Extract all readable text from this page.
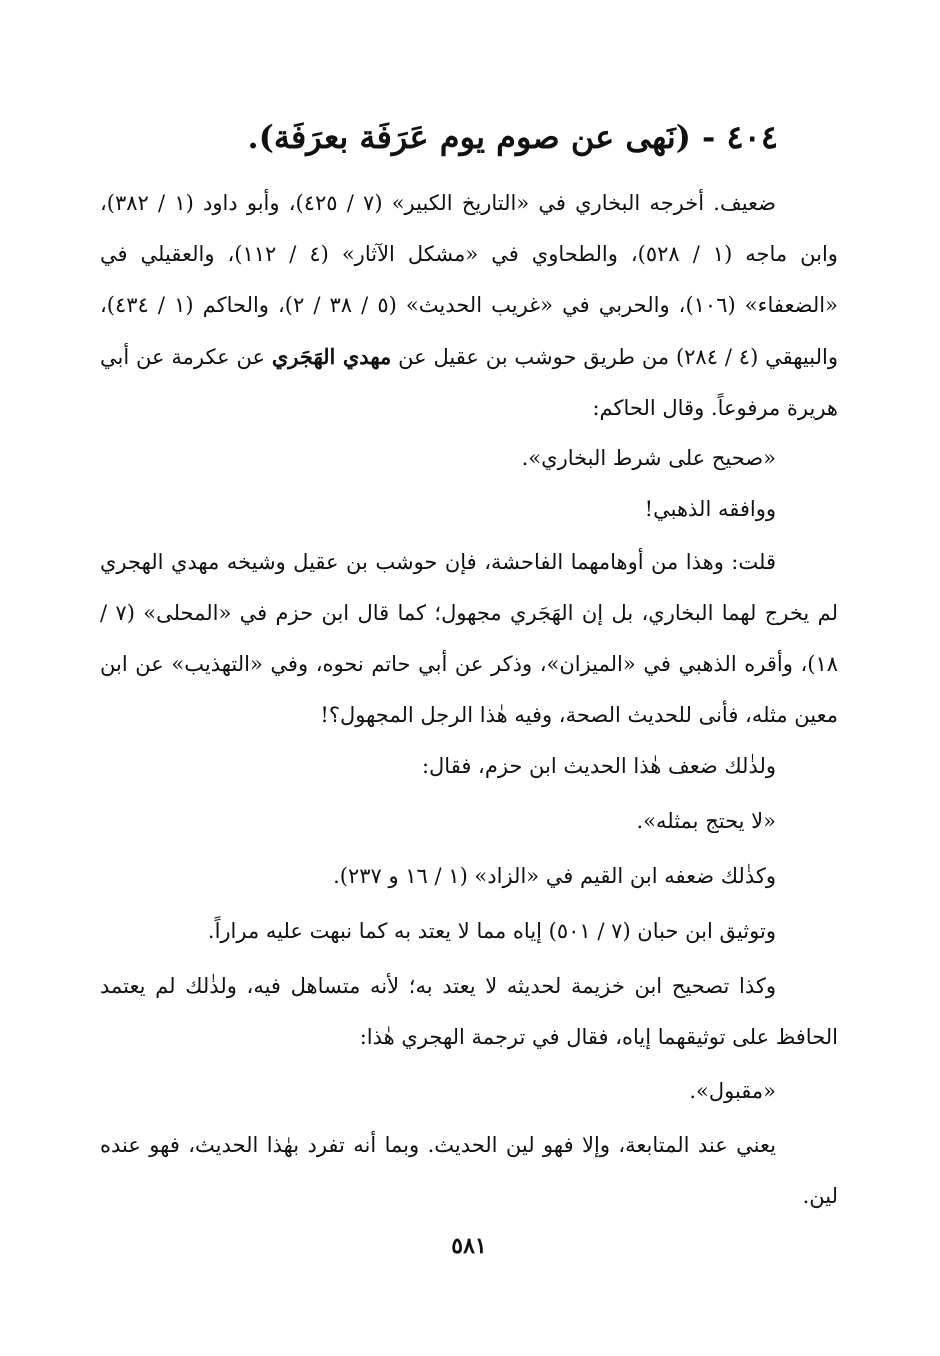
٤٠٤ - (نَهى عن صوم يوم عَرَفَة بعرَفَة).
ضعيف. أخرجه البخاري في «التاريخ الكبير» (٧ / ٤٢٥)، وأبو داود (١ / ٣٨٢)، وابن ماجه (١ / ٥٢٨)، والطحاوي في «مشكل الآثار» (٤ / ١١٢)، والعقيلي في «الضعفاء» (١٠٦)، والحربي في «غريب الحديث» (٥ / ٣٨ / ٢)، والحاكم (١ / ٤٣٤)، والبيهقي (٤ / ٢٨٤) من طريق حوشب بن عقيل عن مهدي الهَجَري عن عكرمة عن أبي هريرة مرفوعاً. وقال الحاكم:
«صحيح على شرط البخاري».
ووافقه الذهبي!
قلت: وهذا من أوهامهما الفاحشة، فإن حوشب بن عقيل وشيخه مهدي الهجري لم يخرج لهما البخاري، بل إن الهَجَري مجهول؛ كما قال ابن حزم في «المحلى» (٧ / ١٨)، وأقره الذهبي في «الميزان»، وذكر عن أبي حاتم نحوه، وفي «التهذيب» عن ابن معين مثله، فأنى للحديث الصحة، وفيه هٰذا الرجل المجهول؟!
ولذٰلك ضعف هٰذا الحديث ابن حزم، فقال:
«لا يحتج بمثله».
وكذٰلك ضعفه ابن القيم في «الزاد» (١ / ١٦ و ٢٣٧).
وتوثيق ابن حبان (٧ / ٥٠١) إياه مما لا يعتد به كما نبهت عليه مراراً.
وكذا تصحيح ابن خزيمة لحديثه لا يعتد به؛ لأنه متساهل فيه، ولذٰلك لم يعتمد الحافظ على توثيقهما إياه، فقال في ترجمة الهجري هٰذا:
«مقبول».
يعني عند المتابعة، وإلا فهو لين الحديث. وبما أنه تفرد بهٰذا الحديث، فهو عنده لين.
٥٨١
